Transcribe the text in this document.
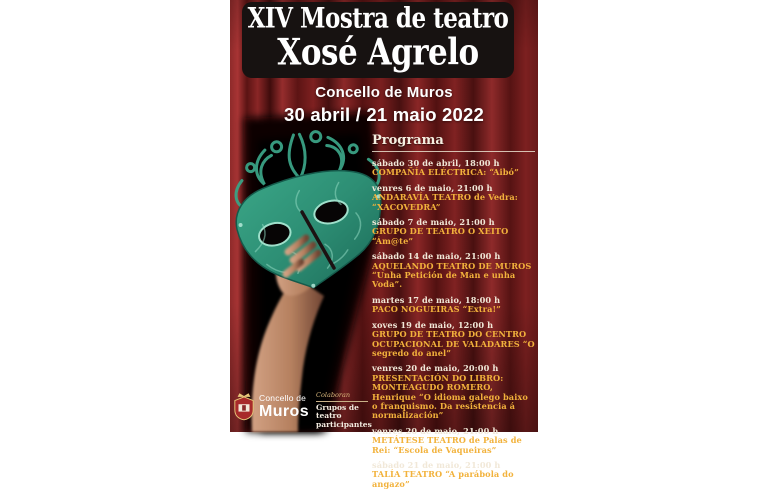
XIV Mostra de teatro
Xosé Agrelo
Concello de Muros
30 abril / 21 maio 2022
Programa
sábado 30 de abril, 18:00 h
COMPAÑÍA ELÉCTRICA: “Aibó”
venres 6 de maio, 21:00 h
ANDARAVÍA TEATRO de Vedra: “XACOVEDRA”
sábado 7 de maio, 21:00 h
GRUPO DE TEATRO O XEITO “Ám@te”
sábado 14 de maio, 21:00 h
AQUELANDO TEATRO DE MUROS “Unha Petición de Man e unha Voda”.
martes 17 de maio, 18:00 h
PACO NOGUEIRAS “Extra!”
xoves 19 de maio, 12:00 h
GRUPO DE TEATRO DO CENTRO OCUPACIONAL DE VALADARES “O segredo do anel”
venres 20 de maio, 20:00 h
PRESENTACIÓN DO LIBRO: MONTEAGUDO ROMERO, Henrique “O idioma galego baixo o franquismo. Da resistencia á normalización”
venres 20 de maio, 21:00 h
METÁTESE TEATRO de Palas de Rei: “Escola de Vaqueiras”
sábado 21 de maio, 21:00 h
TALÍA TEATRO “A parábola do angazo”
Concello de
Muros
Colaboran
Grupos de teatro participantes
